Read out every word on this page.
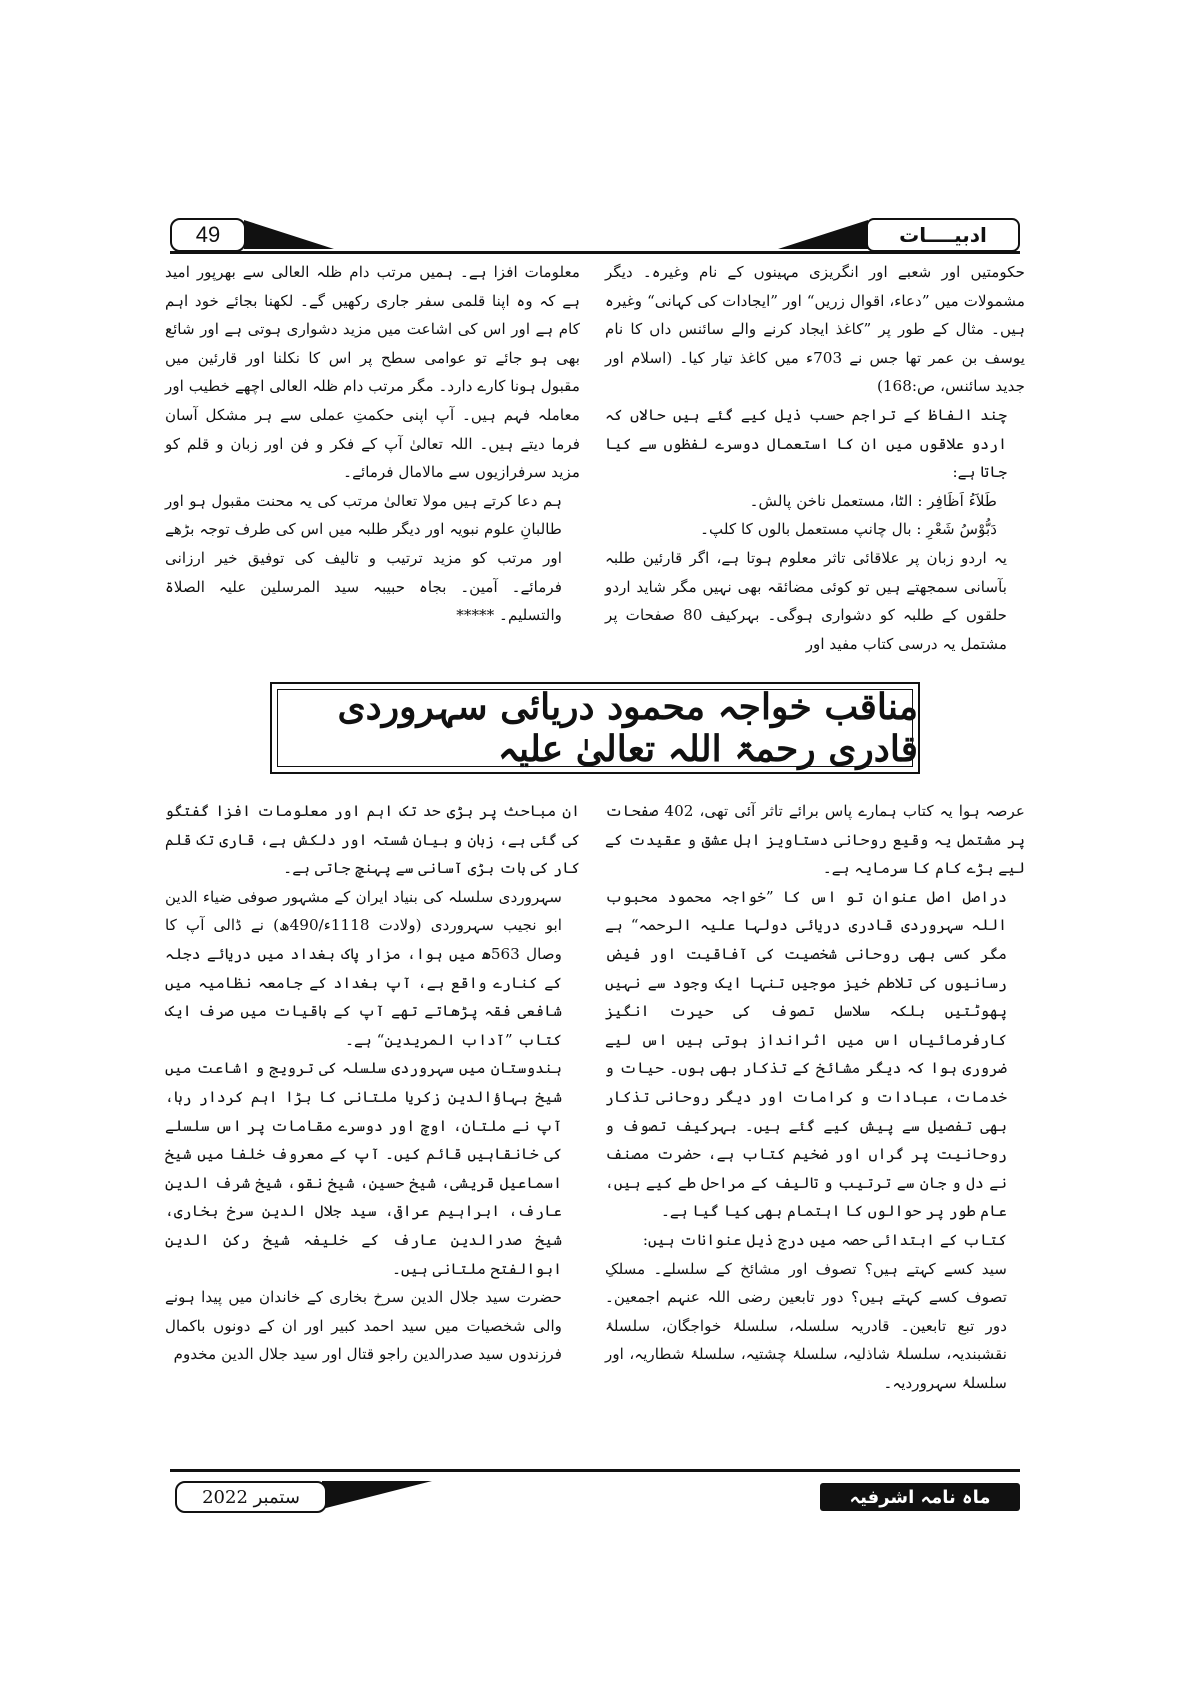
49	ادبیــــات

حکومتیں اور شعبے اور انگریزی مہینوں کے نام وغیرہ۔ دیگر مشمولات میں ”دعاء، اقوال زریں“ اور ”ایجادات کی کہانی“ وغیرہ ہیں۔ مثال کے طور پر ”کاغذ ایجاد کرنے والے سائنس داں کا نام یوسف بن عمر تھا جس نے 703ء میں کاغذ تیار کیا۔ (اسلام اور جدید سائنس، ص:168)

چند الفاظ کے تراجم حسب ذیل کیے گئے ہیں حالاں کہ اردو علاقوں میں ان کا استعمال دوسرے لفظوں سے کیا جاتا ہے:

طَلاَءُ اَظَافِر : الٹا، مستعمل ناخن پالش۔

دَبُّوْسُ شَعْرِ : بال چانپ مستعمل بالوں کا کلپ۔

یہ اردو زبان پر علاقائی تاثر معلوم ہوتا ہے، اگر قارئین طلبہ بآسانی سمجھتے ہیں تو کوئی مضائقہ بھی نہیں مگر شاید اردو حلقوں کے طلبہ کو دشواری ہوگی۔ بہرکیف 80 صفحات پر مشتمل یہ درسی کتاب مفید اور

معلومات افزا ہے۔ ہمیں مرتب دام ظلہ العالی سے بھرپور امید ہے کہ وہ اپنا قلمی سفر جاری رکھیں گے۔ لکھنا بجائے خود اہم کام ہے اور اس کی اشاعت میں مزید دشواری ہوتی ہے اور شائع بھی ہو جائے تو عوامی سطح پر اس کا نکلنا اور قارئین میں مقبول ہونا کارے دارد۔ مگر مرتب دام ظلہ العالی اچھے خطیب اور معاملہ فہم ہیں۔ آپ اپنی حکمتِ عملی سے ہر مشکل آسان فرما دیتے ہیں۔ اللہ تعالیٰ آپ کے فکر و فن اور زبان و قلم کو مزید سرفرازیوں سے مالامال فرمائے۔

ہم دعا کرتے ہیں مولا تعالیٰ مرتب کی یہ محنت مقبول ہو اور طالبانِ علوم نبویہ اور دیگر طلبہ میں اس کی طرف توجہ بڑھے اور مرتب کو مزید ترتیب و تالیف کی توفیق خیر ارزانی فرمائے۔ آمین۔ بجاہ حبیبہ سید المرسلین علیہ الصلاۃ والتسلیم۔ *****

مناقب خواجہ محمود دریائی سہروردی قادری رحمۃ اللہ تعالیٰ علیہ

عرصہ ہوا یہ کتاب ہمارے پاس برائے تاثر آئی تھی، 402 صفحات پر مشتمل یہ وقیع روحانی دستاویز اہل عشق و عقیدت کے لیے بڑے کام کا سرمایہ ہے۔

دراصل اصل عنوان تو اس کا ”خواجہ محمود محبوب اللہ سہروردی قادری دریائی دولہا علیہ الرحمہ“ ہے مگر کسی بھی روحانی شخصیت کی آفاقیت اور فیض رسانیوں کی تلاطم خیز موجیں تنہا ایک وجود سے نہیں پھوٹتیں بلکہ سلاسل تصوف کی حیرت انگیز کارفرمائیاں اس میں اثرانداز ہوتی ہیں اس لیے ضروری ہوا کہ دیگر مشائخ کے تذکار بھی ہوں۔ حیات و خدمات، عبادات و کرامات اور دیگر روحانی تذکار بھی تفصیل سے پیش کیے گئے ہیں۔ بہرکیف تصوف و روحانیت پر گراں اور ضخیم کتاب ہے، حضرت مصنف نے دل و جان سے ترتیب و تالیف کے مراحل طے کیے ہیں، عام طور پر حوالوں کا اہتمام بھی کیا گیا ہے۔

کتاب کے ابتدائی حصہ میں درج ذیل عنوانات ہیں:

سید کسے کہتے ہیں؟ تصوف اور مشائخ کے سلسلے۔ مسلکِ تصوف کسے کہتے ہیں؟ دور تابعین رضی اللہ عنہم اجمعین۔ دور تبع تابعین۔ قادریہ سلسلہ، سلسلۂ خواجگان، سلسلۂ نقشبندیہ، سلسلۂ شاذلیہ، سلسلۂ چشتیہ، سلسلۂ شطاریہ، اور سلسلۂ سہروردیہ۔

ان مباحث پر بڑی حد تک اہم اور معلومات افزا گفتگو کی گئی ہے، زبان و بیان شستہ اور دلکش ہے، قاری تک قلم کار کی بات بڑی آسانی سے پہنچ جاتی ہے۔

سہروردی سلسلہ کی بنیاد ایران کے مشہور صوفی ضیاء الدین ابو نجیب سہروردی (ولادت 1118ء/490ھ) نے ڈالی آپ کا وصال 563ھ میں ہوا، مزار پاک بغداد میں دریائے دجلہ کے کنارے واقع ہے، آپ بغداد کے جامعہ نظامیہ میں شافعی فقہ پڑھاتے تھے آپ کے باقیات میں صرف ایک کتاب ”آداب المریدین“ ہے۔

ہندوستان میں سہروردی سلسلہ کی ترویج و اشاعت میں شیخ بہاؤالدین زکریا ملتانی کا بڑا اہم کردار رہا، آپ نے ملتان، اوچ اور دوسرے مقامات پر اس سلسلے کی خانقاہیں قائم کیں۔ آپ کے معروف خلفا میں شیخ اسماعیل قریشی، شیخ حسین، شیخ نقو، شیخ شرف الدین عارف، ابراہیم عراقی، سید جلال الدین سرخ بخاری، شیخ صدرالدین عارف کے خلیفہ شیخ رکن الدین ابوالفتح ملتانی ہیں۔

حضرت سید جلال الدین سرخ بخاری کے خاندان میں پیدا ہونے والی شخصیات میں سید احمد کبیر اور ان کے دونوں باکمال فرزندوں سید صدرالدین راجو قتال اور سید جلال الدین مخدوم

ستمبر 2022	ماہ نامہ اشرفیہ
